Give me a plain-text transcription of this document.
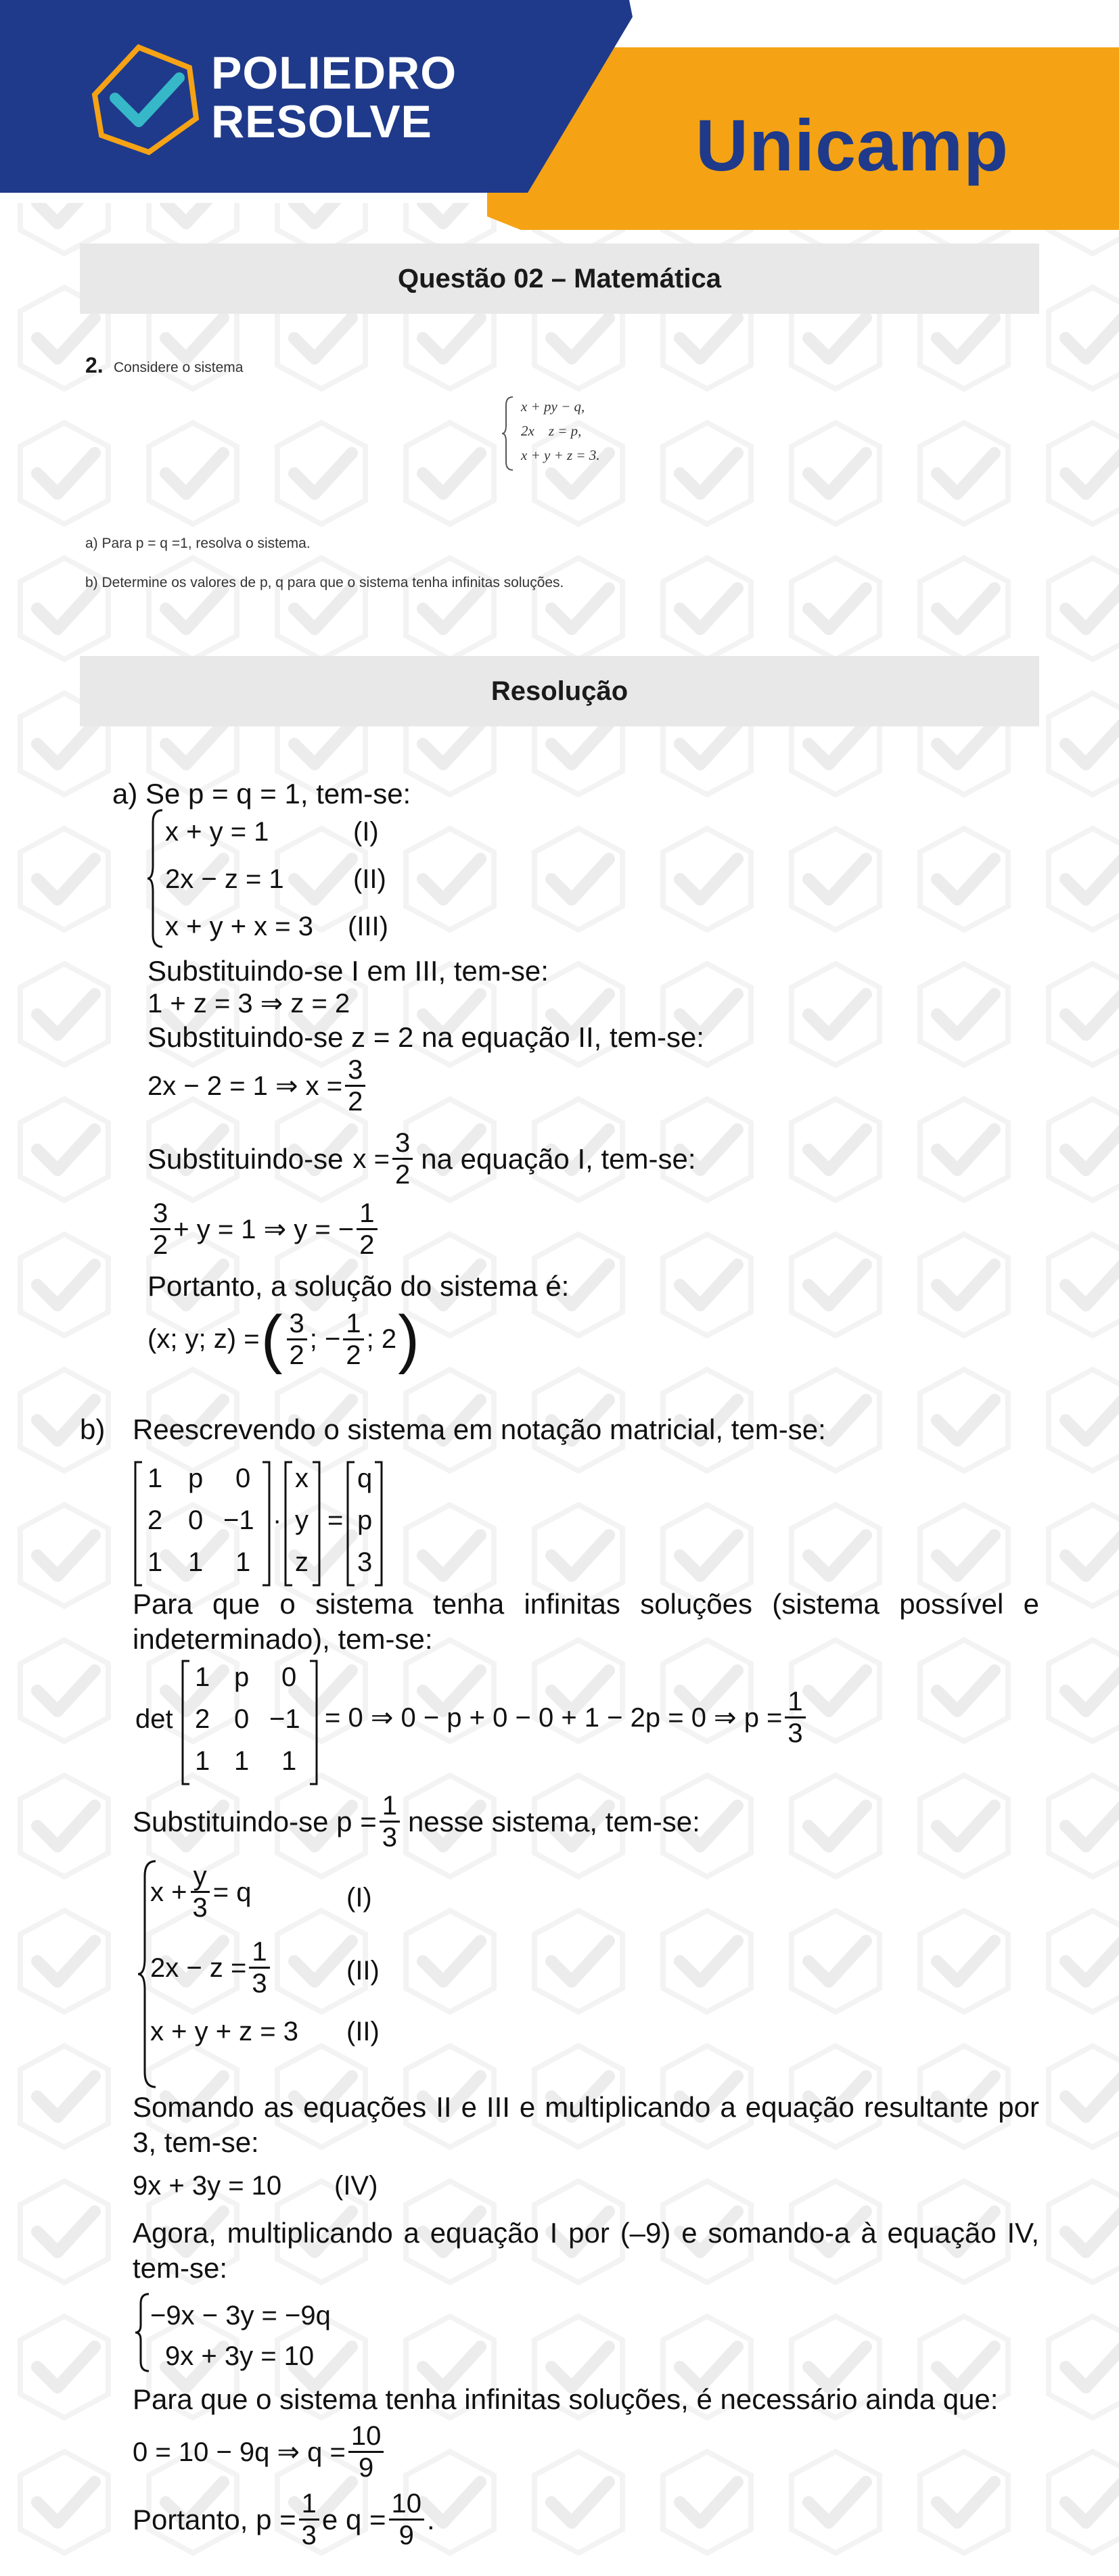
POLIEDRO
RESOLVE	Unicamp
Questão 02 – Matemática
2. Considere o sistema
x + py − q,
2x    z = p,
x + y + z = 3.
a) Para p = q =1, resolva o sistema.
b) Determine os valores de p, q para que o sistema tenha infinitas soluções.
Resolução
a) Se p = q = 1, tem-se:
x + y = 1
2x − z = 1
x + y + x = 3
(I)
(II)
(III)
Substituindo-se I em III, tem-se:
1 + z = 3 ⇒ z = 2
Substituindo-se z = 2 na equação II, tem-se:
2x − 2 = 1 ⇒ $x = \frac{3}{2}$
Substituindo-se $x = \frac{3}{2}$ na equação I, tem-se:
$\frac{3}{2} + y = 1$ ⇒ y = − $\frac{1}{2}$
Portanto, a solução do sistema é:
(x; y; z) = ( $\frac{3}{2}$ ; − $\frac{1}{2}$ ; 2 )
b) Reescrevendo o sistema em notação matricial, tem-se:
1 p 0
2 0 −1
1 1 1
·
x
y
z
=
q
p
3
Para que o sistema tenha infinitas soluções (sistema possível e indeterminado), tem-se:
det
1 p 0
2 0 −1
1 1 1
= 0 ⇒ 0 − p + 0 − 0 + 1 − 2p = 0 ⇒ $p = \frac{1}{3}$
Substituindo-se $p = \frac{1}{3}$ nesse sistema, tem-se:
$x + \frac{y}{3} = q$
$2x - z = \frac{1}{3}$
x + y + z = 3
(I)
(II)
(II)
Somando as equações II e III e multiplicando a equação resultante por 3, tem-se:
9x + 3y = 10 (IV)
Agora, multiplicando a equação I por (–9) e somando-a à equação IV, tem-se:
−9x − 3y = −9q
9x + 3y = 10
Para que o sistema tenha infinitas soluções, é necessário ainda que:
0 = 10 − 9q ⇒ $q = \frac{10}{9}$
Portanto, $p = \frac{1}{3}$ e $q = \frac{10}{9}$ .
